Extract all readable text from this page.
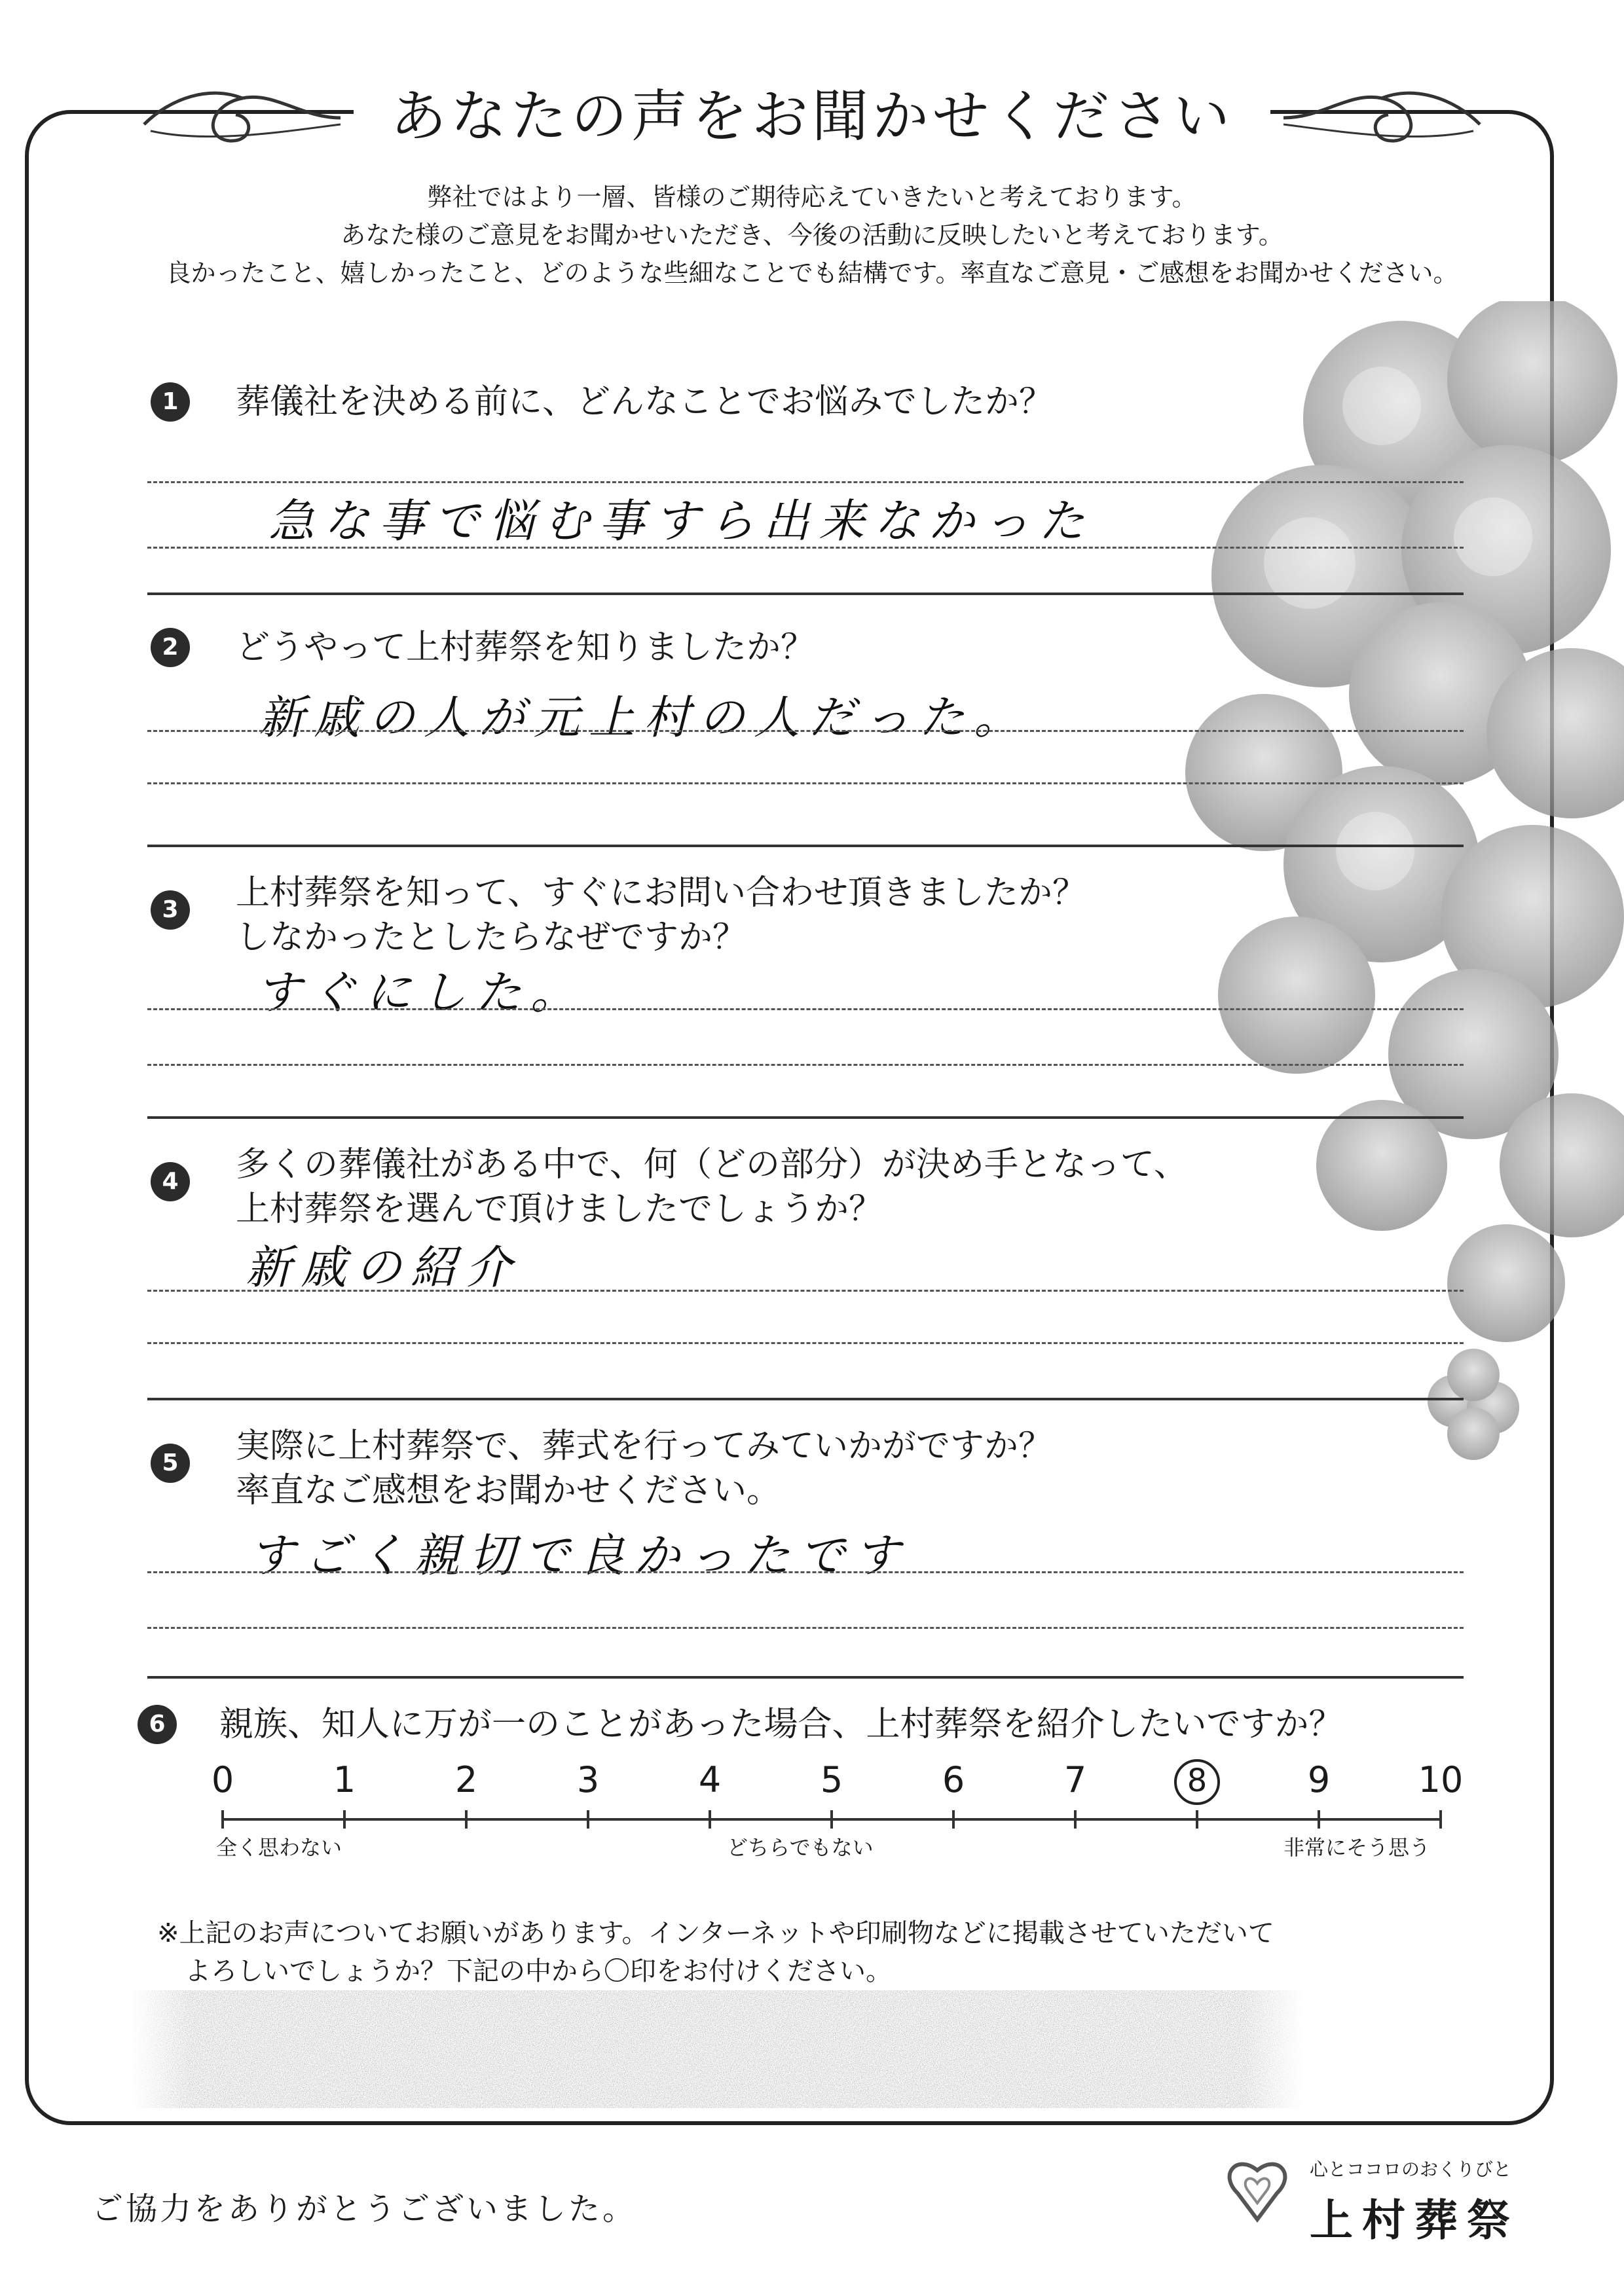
あなたの声をお聞かせください
弊社ではより一層、皆様のご期待応えていきたいと考えております。
あなた様のご意見をお聞かせいただき、今後の活動に反映したいと考えております。
良かったこと、嬉しかったこと、どのような些細なことでも結構です。率直なご意見・ご感想をお聞かせください。
1	葬儀社を決める前に、どんなことでお悩みでしたか？
急な事で悩む事すら出来なかった
2	どうやって上村葬祭を知りましたか？
新戚の人が元上村の人だった。
3	上村葬祭を知って、すぐにお問い合わせ頂きましたか？
しなかったとしたらなぜですか？
すぐにした。
4	多くの葬儀社がある中で、何（どの部分）が決め手となって、
上村葬祭を選んで頂けましたでしょうか？
新戚の紹介
5	実際に上村葬祭で、葬式を行ってみていかがですか？
率直なご感想をお聞かせください。
すごく親切で良かったです
6	親族、知人に万が一のことがあった場合、上村葬祭を紹介したいですか？
0	1	2	3	4	5	6	7	8	9	10
全く思わない	どちらでもない	非常にそう思う
※上記のお声についてお願いがあります。インターネットや印刷物などに掲載させていただいて
よろしいでしょうか？下記の中から〇印をお付けください。
ご協力をありがとうございました。
心とココロのおくりびと
上村葬祭
